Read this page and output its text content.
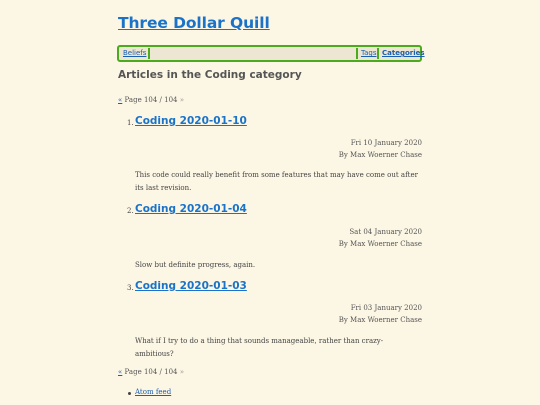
Three Dollar Quill
Beliefs	Tags Categories
Articles in the Coding category
« Page 104 / 104 »
1. Coding 2020-01-10
Fri 10 January 2020
By Max Woerner Chase
This code could really benefit from some features that may have come out after its last revision.
2. Coding 2020-01-04
Sat 04 January 2020
By Max Woerner Chase
Slow but definite progress, again.
3. Coding 2020-01-03
Fri 03 January 2020
By Max Woerner Chase
What if I try to do a thing that sounds manageable, rather than crazy-ambitious?
« Page 104 / 104 »
Atom feed
